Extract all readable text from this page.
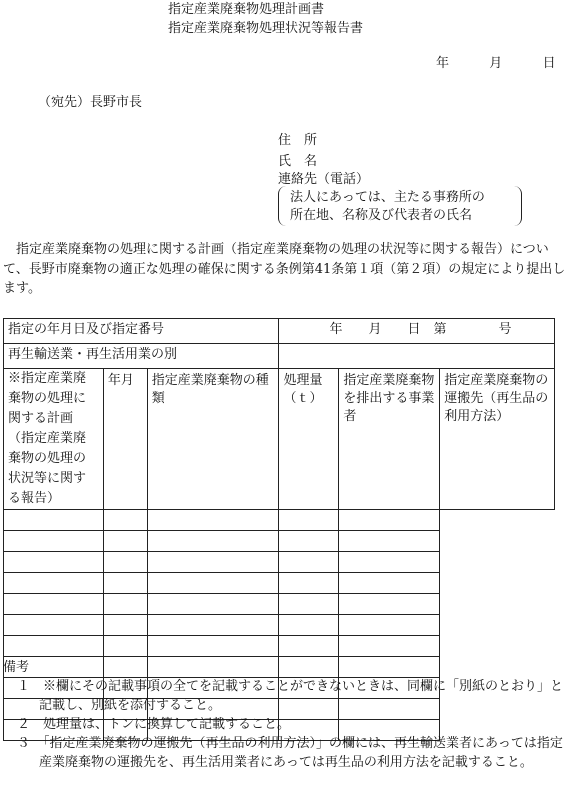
指定産業廃棄物処理計画書
指定産業廃棄物処理状況等報告書
年	月	日
（宛先）長野市長
住　所
氏　名
連絡先（電話）
法人にあっては、主たる事務所の
所在地、名称及び代表者の氏名
　指定産業廃棄物の処理に関する計画（指定産業廃棄物の処理の状況等に関する報告）について、長野市廃棄物の適正な処理の確保に関する条例第41条第１項（第２項）の規定により提出します。
指定の年月日及び指定番号			年　　月　　日　第　　　　号		
再生輸送業・再生活用業の別					
※指定産業廃棄物の処理に関する計画（指定産業廃棄物の処理の状況等に関する報告）	年月	指定産業廃棄物の種類	処理量（ｔ）	指定産業廃棄物を排出する事業者	指定産業廃棄物の運搬先（再生品の利用方法）

備考
１　※欄にその記載事項の全てを記載することができないときは、同欄に「別紙のとおり」と記載し、別紙を添付すること。
２　処理量は、トンに換算して記載すること。
３　「指定産業廃棄物の運搬先（再生品の利用方法）」の欄には、再生輸送業者にあっては指定産業廃棄物の運搬先を、再生活用業者にあっては再生品の利用方法を記載すること。
